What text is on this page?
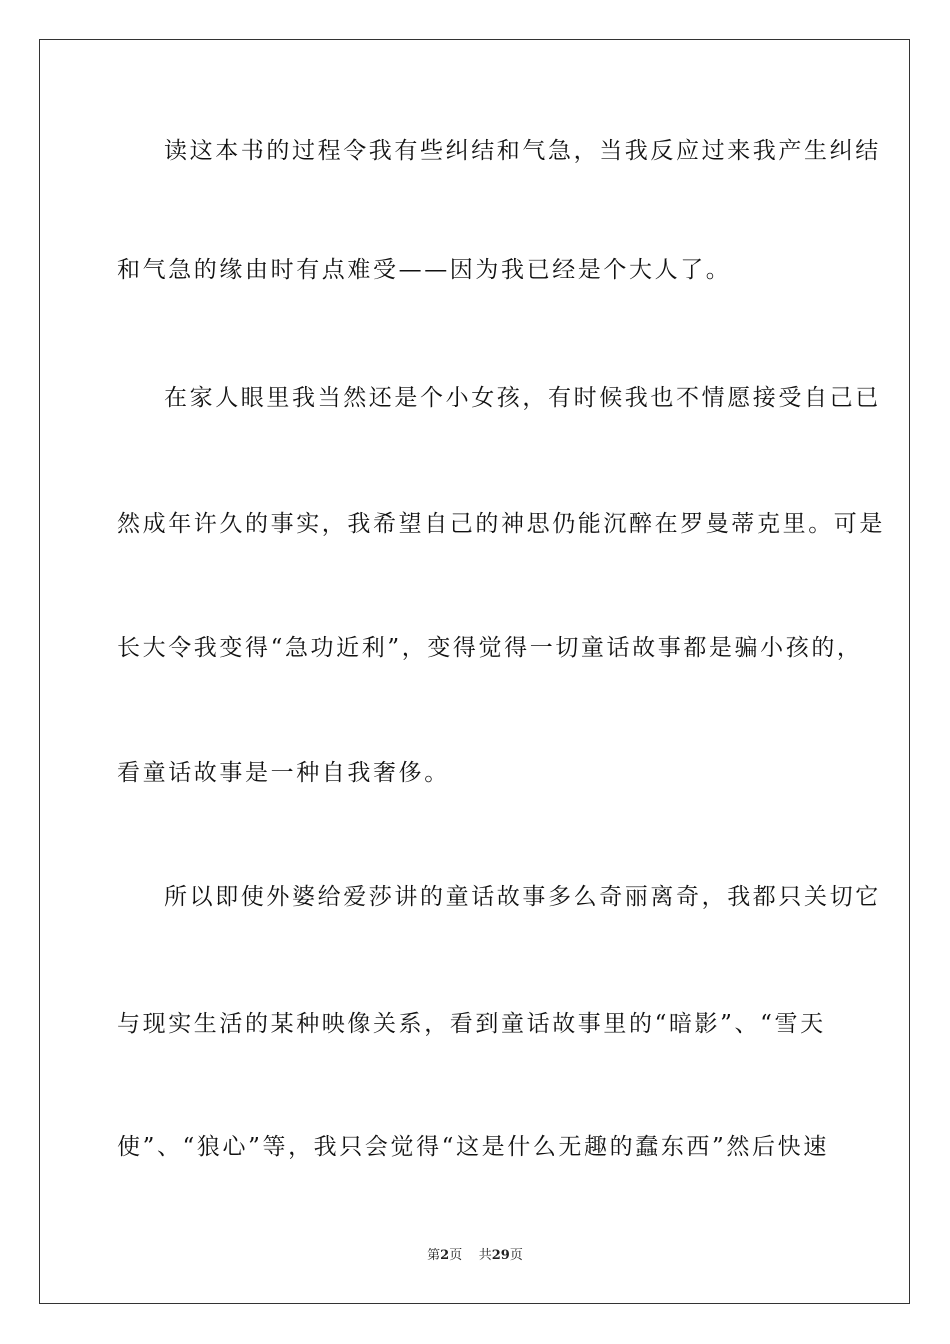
读这本书的过程令我有些纠结和气急，当我反应过来我产生纠结
和气急的缘由时有点难受——因为我已经是个大人了。
在家人眼里我当然还是个小女孩，有时候我也不情愿接受自己已
然成年许久的事实，我希望自己的神思仍能沉醉在罗曼蒂克里。可是
长大令我变得“急功近利”，变得觉得一切童话故事都是骗小孩的，
看童话故事是一种自我奢侈。
所以即使外婆给爱莎讲的童话故事多么奇丽离奇，我都只关切它
与现实生活的某种映像关系，看到童话故事里的“暗影”、“雪天
使”、“狼心”等，我只会觉得“这是什么无趣的蠢东西”然后快速
第2页 共29页
